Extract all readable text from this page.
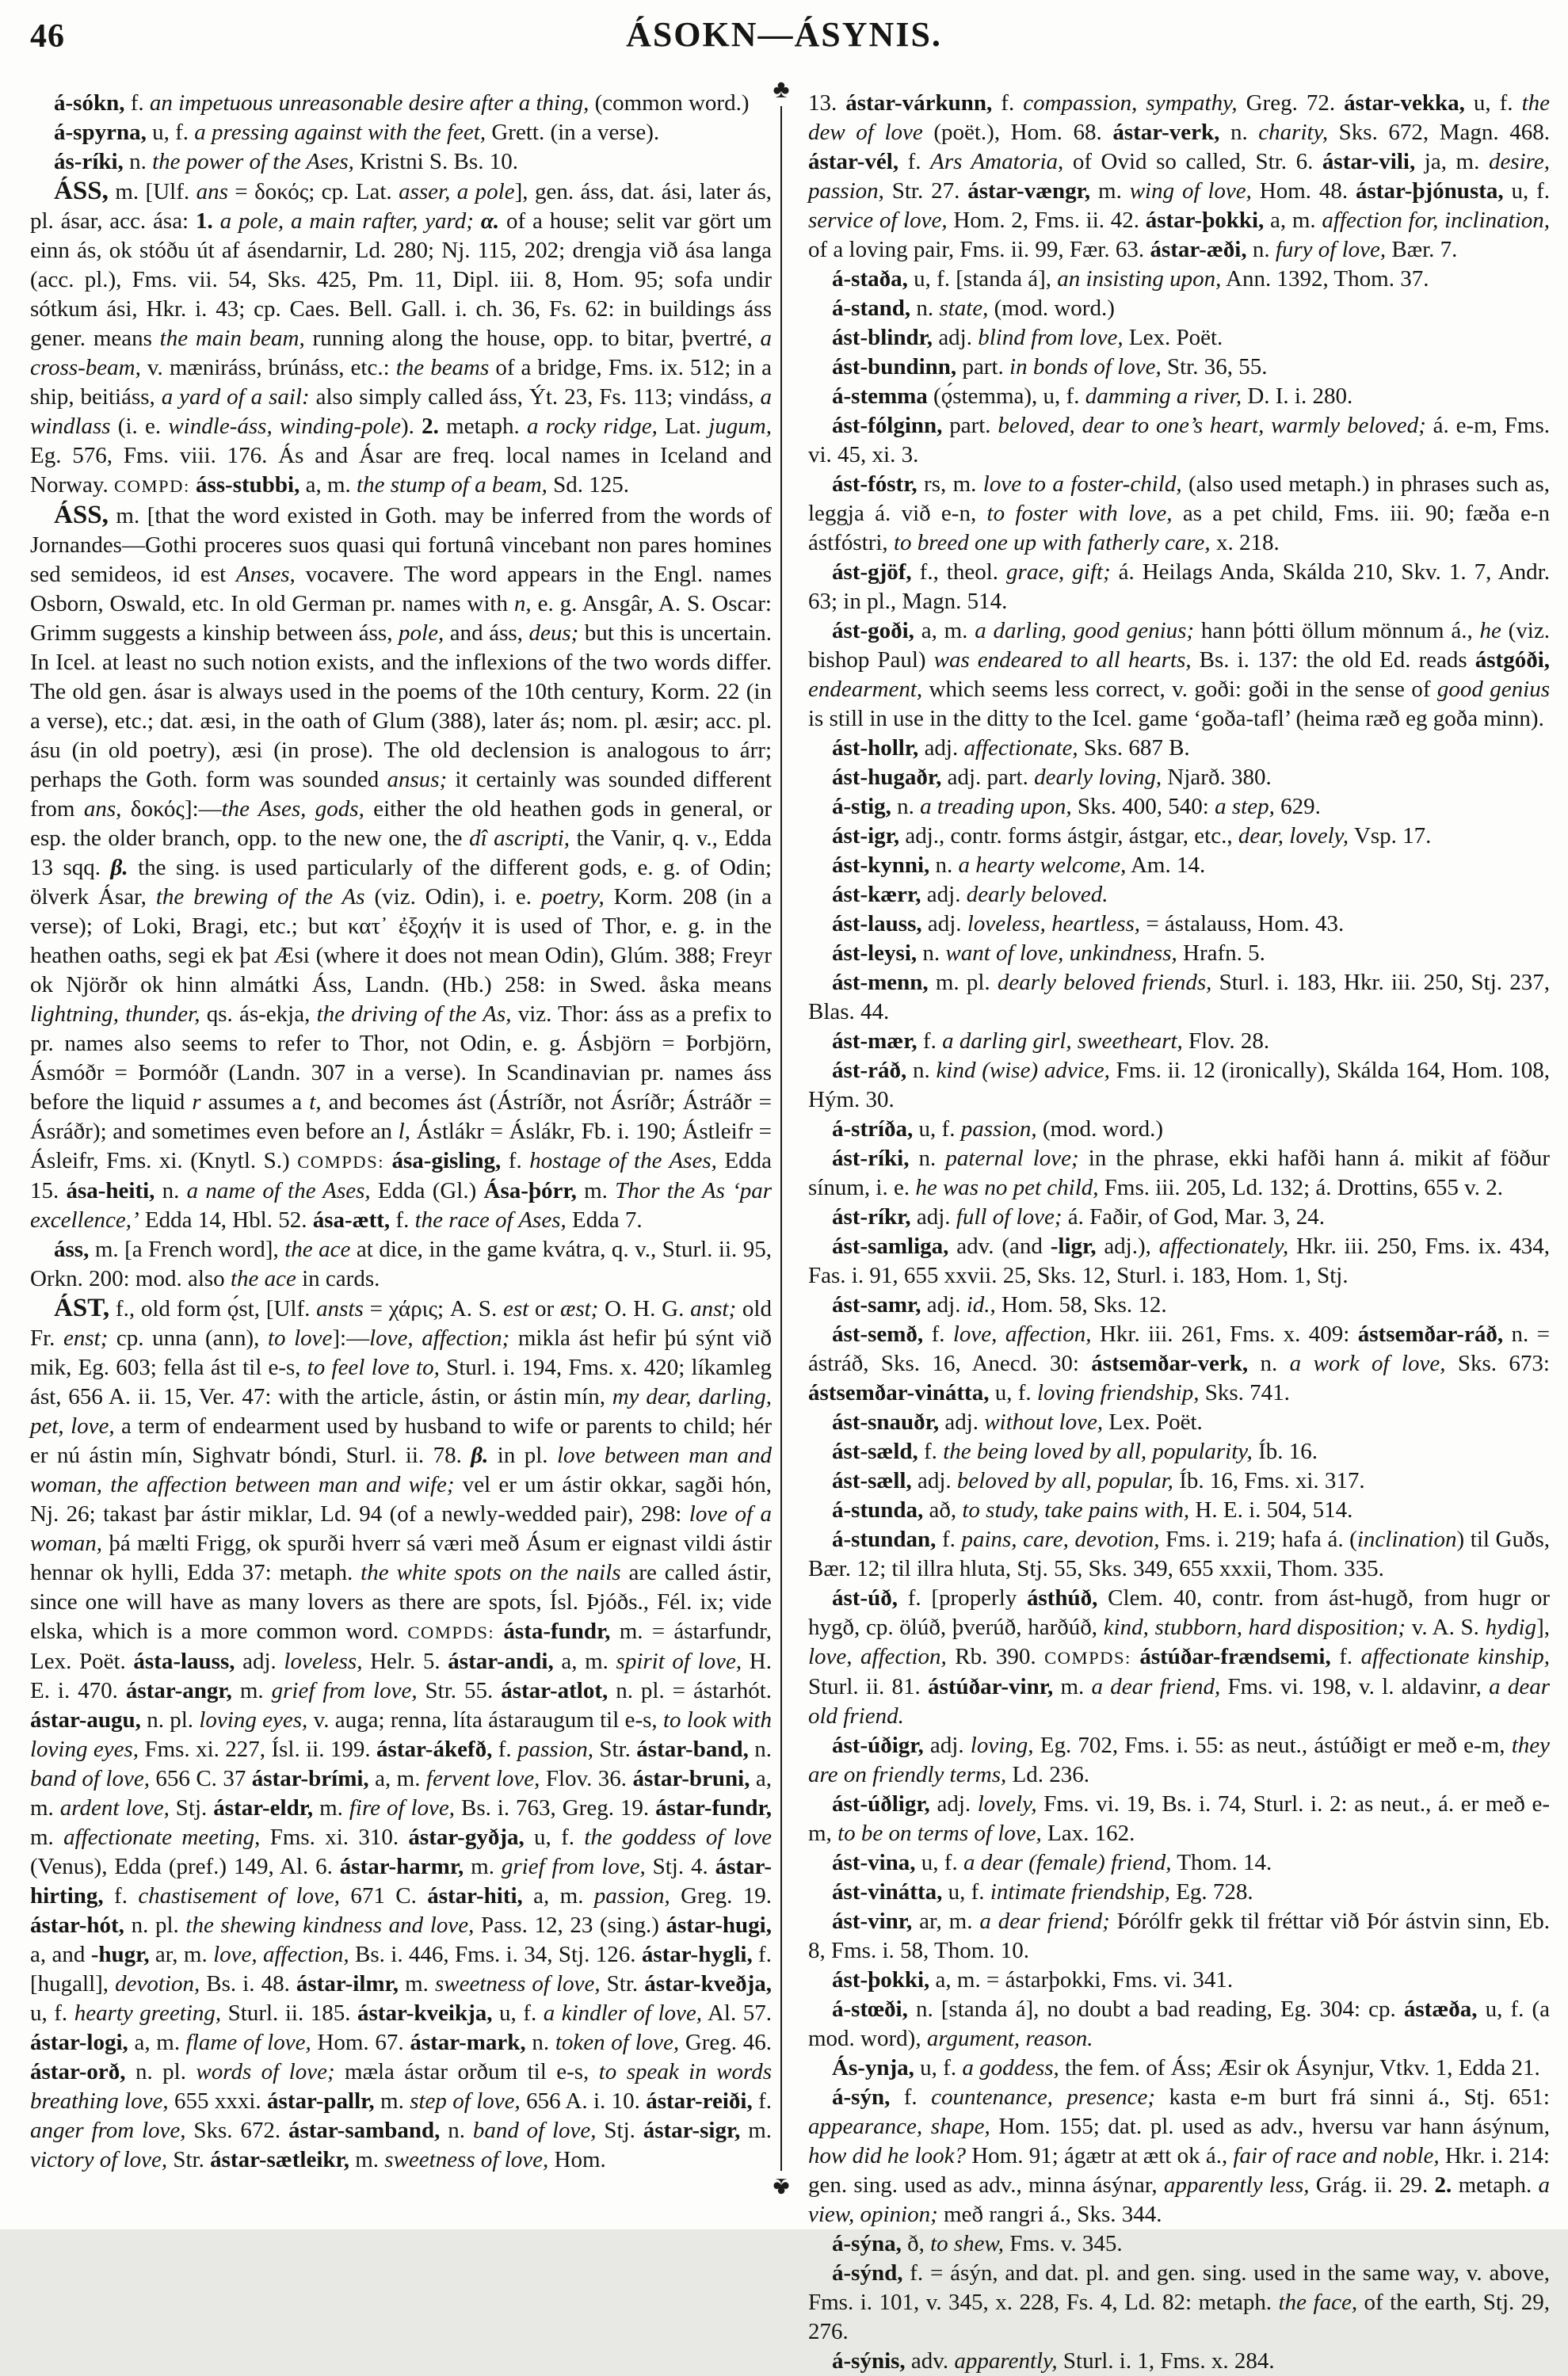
46	ÁSOKN—ÁSYNIS.
♣
♣

á-sókn, f. an impetuous unreasonable desire after a thing, (common word.)

á-spyrna, u, f. a pressing against with the feet, Grett. (in a verse).

ás-ríki, n. the power of the Ases, Kristni S. Bs. 10.

ÁSS, m. [Ulf. ans = δοκός; cp. Lat. asser, a pole], gen. áss, dat. ási, later ás, pl. ásar, acc. ása: 1. a pole, a main rafter, yard; α. of a house; selit var gört um einn ás, ok stóðu út af ásendarnir, Ld. 280; Nj. 115, 202; drengja við ása langa (acc. pl.), Fms. vii. 54, Sks. 425, Pm. 11, Dipl. iii. 8, Hom. 95; sofa undir sótkum ási, Hkr. i. 43; cp. Caes. Bell. Gall. i. ch. 36, Fs. 62: in buildings áss gener. means the main beam, running along the house, opp. to bitar, þvertré, a cross-beam, v. mæniráss, brúnáss, etc.: the beams of a bridge, Fms. ix. 512; in a ship, beitiáss, a yard of a sail: also simply called áss, Ýt. 23, Fs. 113; vindáss, a windlass (i. e. windle-áss, winding-pole). 2. metaph. a rocky ridge, Lat. jugum, Eg. 576, Fms. viii. 176. Ás and Ásar are freq. local names in Iceland and Norway. COMPD: áss-stubbi, a, m. the stump of a beam, Sd. 125.

ÁSS, m. [that the word existed in Goth. may be inferred from the words of Jornandes—Gothi proceres suos quasi qui fortunâ vincebant non pares homines sed semideos, id est Anses, vocavere. The word appears in the Engl. names Osborn, Oswald, etc. In old German pr. names with n, e. g. Ansgâr, A. S. Oscar: Grimm suggests a kinship between áss, pole, and áss, deus; but this is uncertain. In Icel. at least no such notion exists, and the inflexions of the two words differ. The old gen. ásar is always used in the poems of the 10th century, Korm. 22 (in a verse), etc.; dat. æsi, in the oath of Glum (388), later ás; nom. pl. æsir; acc. pl. ásu (in old poetry), æsi (in prose). The old declension is analogous to árr; perhaps the Goth. form was sounded ansus; it certainly was sounded different from ans, δοκός]:—the Ases, gods, either the old heathen gods in general, or esp. the older branch, opp. to the new one, the dî ascripti, the Vanir, q. v., Edda 13 sqq. β. the sing. is used particularly of the different gods, e. g. of Odin; ölverk Ásar, the brewing of the As (viz. Odin), i. e. poetry, Korm. 208 (in a verse); of Loki, Bragi, etc.; but κατ᾽ ἐξοχήν it is used of Thor, e. g. in the heathen oaths, segi ek þat Æsi (where it does not mean Odin), Glúm. 388; Freyr ok Njörðr ok hinn almátki Áss, Landn. (Hb.) 258: in Swed. åska means lightning, thunder, qs. ás-ekja, the driving of the As, viz. Thor: áss as a prefix to pr. names also seems to refer to Thor, not Odin, e. g. Ásbjörn = Þorbjörn, Ásmóðr = Þormóðr (Landn. 307 in a verse). In Scandinavian pr. names áss before the liquid r assumes a t, and becomes ást (Ástríðr, not Ásríðr; Ástráðr = Ásráðr); and sometimes even before an l, Ástlákr = Áslákr, Fb. i. 190; Ástleifr = Ásleifr, Fms. xi. (Knytl. S.) COMPDS: ása-gisling, f. hostage of the Ases, Edda 15. ása-heiti, n. a name of the Ases, Edda (Gl.) Ása-þórr, m. Thor the As ‘par excellence,’ Edda 14, Hbl. 52. ása-ætt, f. the race of Ases, Edda 7.

áss, m. [a French word], the ace at dice, in the game kvátra, q. v., Sturl. ii. 95, Orkn. 200: mod. also the ace in cards.

ÁST, f., old form ǫ́st, [Ulf. ansts = χάρις; A. S. est or æst; O. H. G. anst; old Fr. enst; cp. unna (ann), to love]:—love, affection; mikla ást hefir þú sýnt við mik, Eg. 603; fella ást til e-s, to feel love to, Sturl. i. 194, Fms. x. 420; líkamleg ást, 656 A. ii. 15, Ver. 47: with the article, ástin, or ástin mín, my dear, darling, pet, love, a term of endearment used by husband to wife or parents to child; hér er nú ástin mín, Sighvatr bóndi, Sturl. ii. 78. β. in pl. love between man and woman, the affection between man and wife; vel er um ástir okkar, sagði hón, Nj. 26; takast þar ástir miklar, Ld. 94 (of a newly-wedded pair), 298: love of a woman, þá mælti Frigg, ok spurði hverr sá væri með Ásum er eignast vildi ástir hennar ok hylli, Edda 37: metaph. the white spots on the nails are called ástir, since one will have as many lovers as there are spots, Ísl. Þjóðs., Fél. ix; vide elska, which is a more common word. COMPDS: ásta-fundr, m. = ástarfundr, Lex. Poët. ásta-lauss, adj. loveless, Helr. 5. ástar-andi, a, m. spirit of love, H. E. i. 470. ástar-angr, m. grief from love, Str. 55. ástar-atlot, n. pl. = ástarhót. ástar-augu, n. pl. loving eyes, v. auga; renna, líta ástaraugum til e-s, to look with loving eyes, Fms. xi. 227, Ísl. ii. 199. ástar-ákefð, f. passion, Str. ástar-band, n. band of love, 656 C. 37 ástar-brími, a, m. fervent love, Flov. 36. ástar-bruni, a, m. ardent love, Stj. ástar-eldr, m. fire of love, Bs. i. 763, Greg. 19. ástar-fundr, m. affectionate meeting, Fms. xi. 310. ástar-gyðja, u, f. the goddess of love (Venus), Edda (pref.) 149, Al. 6. ástar-harmr, m. grief from love, Stj. 4. ástar-hirting, f. chastisement of love, 671 C. ástar-hiti, a, m. passion, Greg. 19. ástar-hót, n. pl. the shewing kindness and love, Pass. 12, 23 (sing.) ástar-hugi, a, and -hugr, ar, m. love, affection, Bs. i. 446, Fms. i. 34, Stj. 126. ástar-hygli, f. [hugall], devotion, Bs. i. 48. ástar-ilmr, m. sweetness of love, Str. ástar-kveðja, u, f. hearty greeting, Sturl. ii. 185. ástar-kveikja, u, f. a kindler of love, Al. 57. ástar-logi, a, m. flame of love, Hom. 67. ástar-mark, n. token of love, Greg. 46. ástar-orð, n. pl. words of love; mæla ástar orðum til e-s, to speak in words breathing love, 655 xxxi. ástar-pallr, m. step of love, 656 A. i. 10. ástar-reiði, f. anger from love, Sks. 672. ástar-samband, n. band of love, Stj. ástar-sigr, m. victory of love, Str. ástar-sætleikr, m. sweetness of love, Hom.

13. ástar-várkunn, f. compassion, sympathy, Greg. 72. ástar-vekka, u, f. the dew of love (poët.), Hom. 68. ástar-verk, n. charity, Sks. 672, Magn. 468. ástar-vél, f. Ars Amatoria, of Ovid so called, Str. 6. ástar-vili, ja, m. desire, passion, Str. 27. ástar-vængr, m. wing of love, Hom. 48. ástar-þjónusta, u, f. service of love, Hom. 2, Fms. ii. 42. ástar-þokki, a, m. affection for, inclination, of a loving pair, Fms. ii. 99, Fær. 63. ástar-æði, n. fury of love, Bær. 7.

á-staða, u, f. [standa á], an insisting upon, Ann. 1392, Thom. 37.

á-stand, n. state, (mod. word.)

ást-blindr, adj. blind from love, Lex. Poët.

ást-bundinn, part. in bonds of love, Str. 36, 55.

á-stemma (ǫ́stemma), u, f. damming a river, D. I. i. 280.

ást-fólginn, part. beloved, dear to one’s heart, warmly beloved; á. e-m, Fms. vi. 45, xi. 3.

ást-fóstr, rs, m. love to a foster-child, (also used metaph.) in phrases such as, leggja á. við e-n, to foster with love, as a pet child, Fms. iii. 90; fæða e-n ástfóstri, to breed one up with fatherly care, x. 218.

ást-gjöf, f., theol. grace, gift; á. Heilags Anda, Skálda 210, Skv. 1. 7, Andr. 63; in pl., Magn. 514.

ást-goði, a, m. a darling, good genius; hann þótti öllum mönnum á., he (viz. bishop Paul) was endeared to all hearts, Bs. i. 137: the old Ed. reads ástgóði, endearment, which seems less correct, v. goði: goði in the sense of good genius is still in use in the ditty to the Icel. game ‘goða-tafl’ (heima ræð eg goða minn).

ást-hollr, adj. affectionate, Sks. 687 B.

ást-hugaðr, adj. part. dearly loving, Njarð. 380.

á-stig, n. a treading upon, Sks. 400, 540: a step, 629.

ást-igr, adj., contr. forms ástgir, ástgar, etc., dear, lovely, Vsp. 17.

ást-kynni, n. a hearty welcome, Am. 14.

ást-kærr, adj. dearly beloved.

ást-lauss, adj. loveless, heartless, = ástalauss, Hom. 43.

ást-leysi, n. want of love, unkindness, Hrafn. 5.

ást-menn, m. pl. dearly beloved friends, Sturl. i. 183, Hkr. iii. 250, Stj. 237, Blas. 44.

ást-mær, f. a darling girl, sweetheart, Flov. 28.

ást-ráð, n. kind (wise) advice, Fms. ii. 12 (ironically), Skálda 164, Hom. 108, Hým. 30.

á-stríða, u, f. passion, (mod. word.)

ást-ríki, n. paternal love; in the phrase, ekki hafði hann á. mikit af föður sínum, i. e. he was no pet child, Fms. iii. 205, Ld. 132; á. Drottins, 655 v. 2.

ást-ríkr, adj. full of love; á. Faðir, of God, Mar. 3, 24.

ást-samliga, adv. (and -ligr, adj.), affectionately, Hkr. iii. 250, Fms. ix. 434, Fas. i. 91, 655 xxvii. 25, Sks. 12, Sturl. i. 183, Hom. 1, Stj.

ást-samr, adj. id., Hom. 58, Sks. 12.

ást-semð, f. love, affection, Hkr. iii. 261, Fms. x. 409: ástsemðar-ráð, n. = ástráð, Sks. 16, Anecd. 30: ástsemðar-verk, n. a work of love, Sks. 673: ástsemðar-vinátta, u, f. loving friendship, Sks. 741.

ást-snauðr, adj. without love, Lex. Poët.

ást-sæld, f. the being loved by all, popularity, Íb. 16.

ást-sæll, adj. beloved by all, popular, Íb. 16, Fms. xi. 317.

á-stunda, að, to study, take pains with, H. E. i. 504, 514.

á-stundan, f. pains, care, devotion, Fms. i. 219; hafa á. (inclination) til Guðs, Bær. 12; til illra hluta, Stj. 55, Sks. 349, 655 xxxii, Thom. 335.

ást-úð, f. [properly ásthúð, Clem. 40, contr. from ást-hugð, from hugr or hygð, cp. ölúð, þverúð, harðúð, kind, stubborn, hard disposition; v. A. S. hydig], love, affection, Rb. 390. COMPDS: ástúðar-frændsemi, f. affectionate kinship, Sturl. ii. 81. ástúðar-vinr, m. a dear friend, Fms. vi. 198, v. l. aldavinr, a dear old friend.

ást-úðigr, adj. loving, Eg. 702, Fms. i. 55: as neut., ástúðigt er með e-m, they are on friendly terms, Ld. 236.

ást-úðligr, adj. lovely, Fms. vi. 19, Bs. i. 74, Sturl. i. 2: as neut., á. er með e-m, to be on terms of love, Lax. 162.

ást-vina, u, f. a dear (female) friend, Thom. 14.

ást-vinátta, u, f. intimate friendship, Eg. 728.

ást-vinr, ar, m. a dear friend; Þórólfr gekk til fréttar við Þór ástvin sinn, Eb. 8, Fms. i. 58, Thom. 10.

ást-þokki, a, m. = ástarþokki, Fms. vi. 341.

á-stœði, n. [standa á], no doubt a bad reading, Eg. 304: cp. ástæða, u, f. (a mod. word), argument, reason.

Ás-ynja, u, f. a goddess, the fem. of Áss; Æsir ok Ásynjur, Vtkv. 1, Edda 21.

á-sýn, f. countenance, presence; kasta e-m burt frá sinni á., Stj. 651: appearance, shape, Hom. 155; dat. pl. used as adv., hversu var hann ásýnum, how did he look? Hom. 91; ágætr at ætt ok á., fair of race and noble, Hkr. i. 214: gen. sing. used as adv., minna ásýnar, apparently less, Grág. ii. 29. 2. metaph. a view, opinion; með rangri á., Sks. 344.

á-sýna, ð, to shew, Fms. v. 345.

á-sýnd, f. = ásýn, and dat. pl. and gen. sing. used in the same way, v. above, Fms. i. 101, v. 345, x. 228, Fs. 4, Ld. 82: metaph. the face, of the earth, Stj. 29, 276.

á-sýnis, adv. apparently, Sturl. i. 1, Fms. x. 284.
